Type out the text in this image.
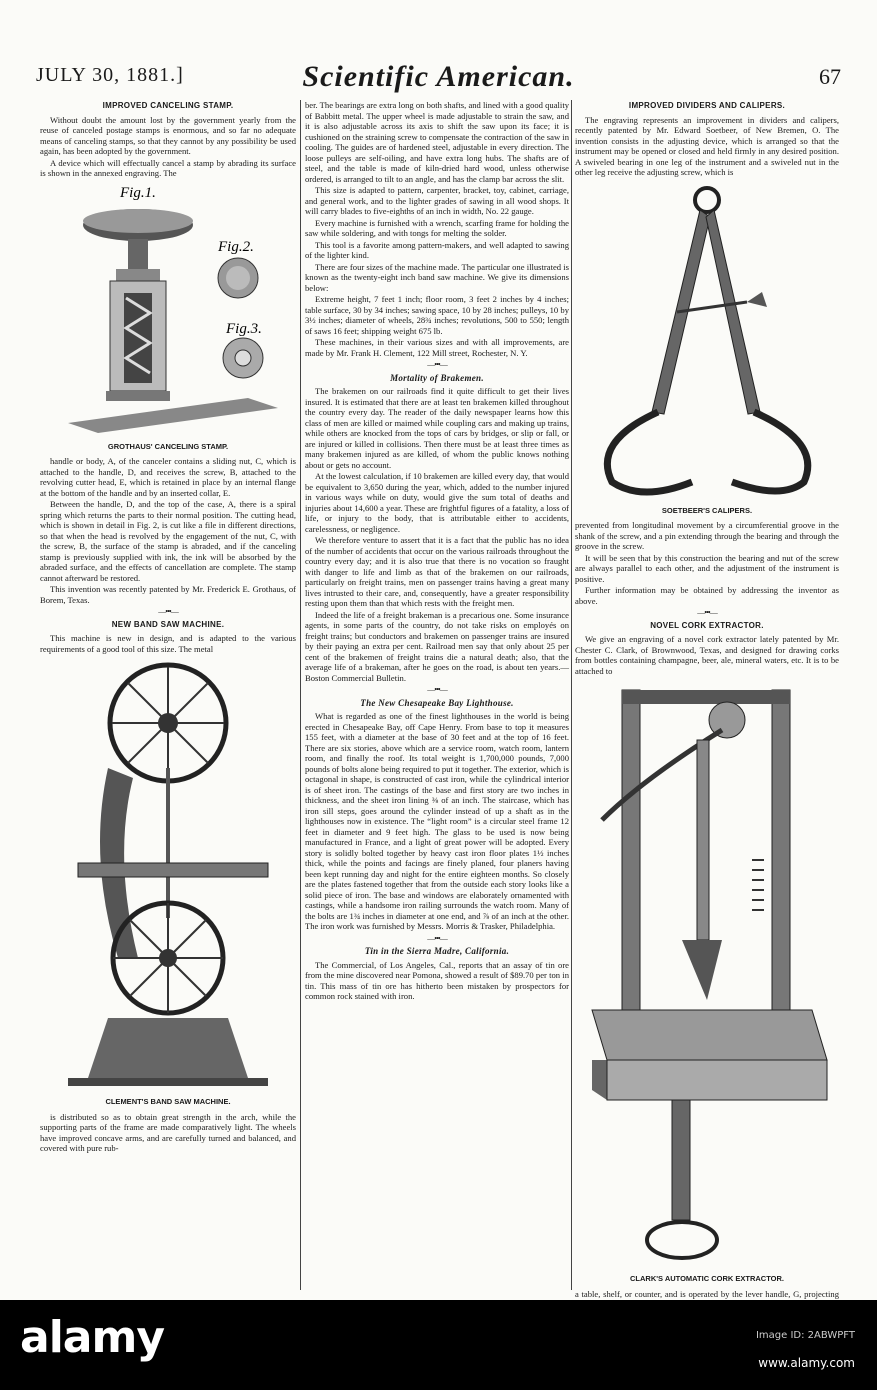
JULY 30, 1881.]	Scientific American.	67
IMPROVED CANCELING STAMP.

Without doubt the amount lost by the government yearly from the reuse of canceled postage stamps is enormous, and so far no adequate means of canceling stamps, so that they cannot by any possibility be used again, has been adopted by the government.

A device which will effectually cancel a stamp by abrading its surface is shown in the annexed engraving. The

Fig.1.
Fig.2.
Fig.3.
GROTHAUS' CANCELING STAMP.

handle or body, A, of the canceler contains a sliding nut, C, which is attached to the handle, D, and receives the screw, B, attached to the revolving cutter head, E, which is retained in place by an internal flange at the bottom of the handle and by an inserted collar, E.

Between the handle, D, and the top of the case, A, there is a spiral spring which returns the parts to their normal position. The cutting head, which is shown in detail in Fig. 2, is cut like a file in different directions, so that when the head is revolved by the engagement of the nut, C, with the screw, B, the surface of the stamp is abraded, and if the canceling stamp is previously supplied with ink, the ink will be absorbed by the abraded surface, and the effects of cancellation are complete. The stamp cannot afterward be restored.

This invention was recently patented by Mr. Frederick E. Grothaus, of Borem, Texas.

—•••—
NEW BAND SAW MACHINE.

This machine is new in design, and is adapted to the various requirements of a good tool of this size. The metal

CLEMENT'S BAND SAW MACHINE.

is distributed so as to obtain great strength in the arch, while the supporting parts of the frame are made comparatively light. The wheels have improved concave arms, and are carefully turned and balanced, and covered with pure rub-

ber. The bearings are extra long on both shafts, and lined with a good quality of Babbitt metal. The upper wheel is made adjustable to strain the saw, and it is also adjustable across its axis to shift the saw upon its face; it is cushioned on the straining screw to compensate the contraction of the saw in cooling. The guides are of hardened steel, adjustable in every direction. The loose pulleys are self-oiling, and have extra long hubs. The shafts are of steel, and the table is made of kiln-dried hard wood, unless otherwise ordered, is arranged to tilt to an angle, and has the clamp bar across the slit.

This size is adapted to pattern, carpenter, bracket, toy, cabinet, carriage, and general work, and to the lighter grades of sawing in all wood shops. It will carry blades to five-eighths of an inch in width, No. 22 gauge.

Every machine is furnished with a wrench, scarfing frame for holding the saw while soldering, and with tongs for melting the solder.

This tool is a favorite among pattern-makers, and well adapted to sawing of the lighter kind.

There are four sizes of the machine made. The particular one illustrated is known as the twenty-eight inch band saw machine. We give its dimensions below:

Extreme height, 7 feet 1 inch; floor room, 3 feet 2 inches by 4 inches; table surface, 30 by 34 inches; sawing space, 10 by 28 inches; pulleys, 10 by 3½ inches; diameter of wheels, 28¾ inches; revolutions, 500 to 550; length of saws 16 feet; shipping weight 675 lb.

These machines, in their various sizes and with all improvements, are made by Mr. Frank H. Clement, 122 Mill street, Rochester, N. Y.

—•••—
Mortality of Brakemen.

The brakemen on our railroads find it quite difficult to get their lives insured. It is estimated that there are at least ten brakemen killed throughout the country every day. The reader of the daily newspaper learns how this class of men are killed or maimed while coupling cars and making up trains, while others are knocked from the tops of cars by bridges, or slip or fall, or are injured or killed in collisions. Then there must be at least three times as many brakemen injured as are killed, of whom the public knows nothing about or gets no account.

At the lowest calculation, if 10 brakemen are killed every day, that would be equivalent to 3,650 during the year, which, added to the number injured in various ways while on duty, would give the sum total of deaths and injuries about 14,600 a year. These are frightful figures of a fatality, a loss of life, or injury to the body, that is attributable either to accidents, carelessness, or negligence.

We therefore venture to assert that it is a fact that the public has no idea of the number of accidents that occur on the various railroads throughout the country every day; and it is also true that there is no vocation so fraught with danger to life and limb as that of the brakemen on our railroads, particularly on freight trains, men on passenger trains having a great many lives intrusted to their care, and, consequently, have a greater responsibility resting upon them than that which rests with the freight men.

Indeed the life of a freight brakeman is a precarious one. Some insurance agents, in some parts of the country, do not take risks on employés on freight trains; but conductors and brakemen on passenger trains are insured by their paying an extra per cent. Railroad men say that only about 25 per cent of the brakemen of freight trains die a natural death; also, that the average life of a brakeman, after he goes on the road, is about ten years.—Boston Commercial Bulletin.

—•••—
The New Chesapeake Bay Lighthouse.

What is regarded as one of the finest lighthouses in the world is being erected in Chesapeake Bay, off Cape Henry. From base to top it measures 155 feet, with a diameter at the base of 30 feet and at the top of 16 feet. There are six stories, above which are a service room, watch room, lantern room, and finally the roof. Its total weight is 1,700,000 pounds, 7,000 pounds of bolts alone being required to put it together. The exterior, which is octagonal in shape, is constructed of cast iron, while the cylindrical interior is of sheet iron. The castings of the base and first story are two inches in thickness, and the sheet iron lining ⅜ of an inch. The staircase, which has iron sill steps, goes around the cylinder instead of up a shaft as in the lighthouses now in existence. The “light room” is a circular steel frame 12 feet in diameter and 9 feet high. The glass to be used is now being manufactured in France, and a light of great power will be adopted. Every story is solidly bolted together by heavy cast iron floor plates 1½ inches thick, while the points and facings are finely planed, four planers having been kept running day and night for the entire eighteen months. So closely are the plates fastened together that from the outside each story looks like a solid piece of iron. The base and windows are elaborately ornamented with castings, while a handsome iron railing surrounds the watch room. Many of the bolts are 1¾ inches in diameter at one end, and ⅞ of an inch at the other. The iron work was furnished by Messrs. Morris & Trasker, Philadelphia.

—•••—
Tin in the Sierra Madre, California.

The Commercial, of Los Angeles, Cal., reports that an assay of tin ore from the mine discovered near Pomona, showed a result of $89.70 per ton in tin. This mass of tin ore has hitherto been mistaken by prospectors for common rock stained with iron.

IMPROVED DIVIDERS AND CALIPERS.

The engraving represents an improvement in dividers and calipers, recently patented by Mr. Edward Soetbeer, of New Bremen, O. The invention consists in the adjusting device, which is arranged so that the instrument may be opened or closed and held firmly in any desired position. A swiveled bearing in one leg of the instrument and a swiveled nut in the other leg receive the adjusting screw, which is

SOETBEER'S CALIPERS.

prevented from longitudinal movement by a circumferential groove in the shank of the screw, and a pin extending through the bearing and through the groove in the screw.

It will be seen that by this construction the bearing and nut of the screw are always parallel to each other, and the adjustment of the instrument is positive.

Further information may be obtained by addressing the inventor as above.

—•••—
NOVEL CORK EXTRACTOR.

We give an engraving of a novel cork extractor lately patented by Mr. Chester C. Clark, of Brownwood, Texas, and designed for drawing corks from bottles containing champagne, beer, ale, mineral waters, etc. It is to be attached to

CLARK'S AUTOMATIC CORK EXTRACTOR.

a table, shelf, or counter, and is operated by the lever handle, G, projecting

alamy	Image ID: 2ABWPFT
www.alamy.com
